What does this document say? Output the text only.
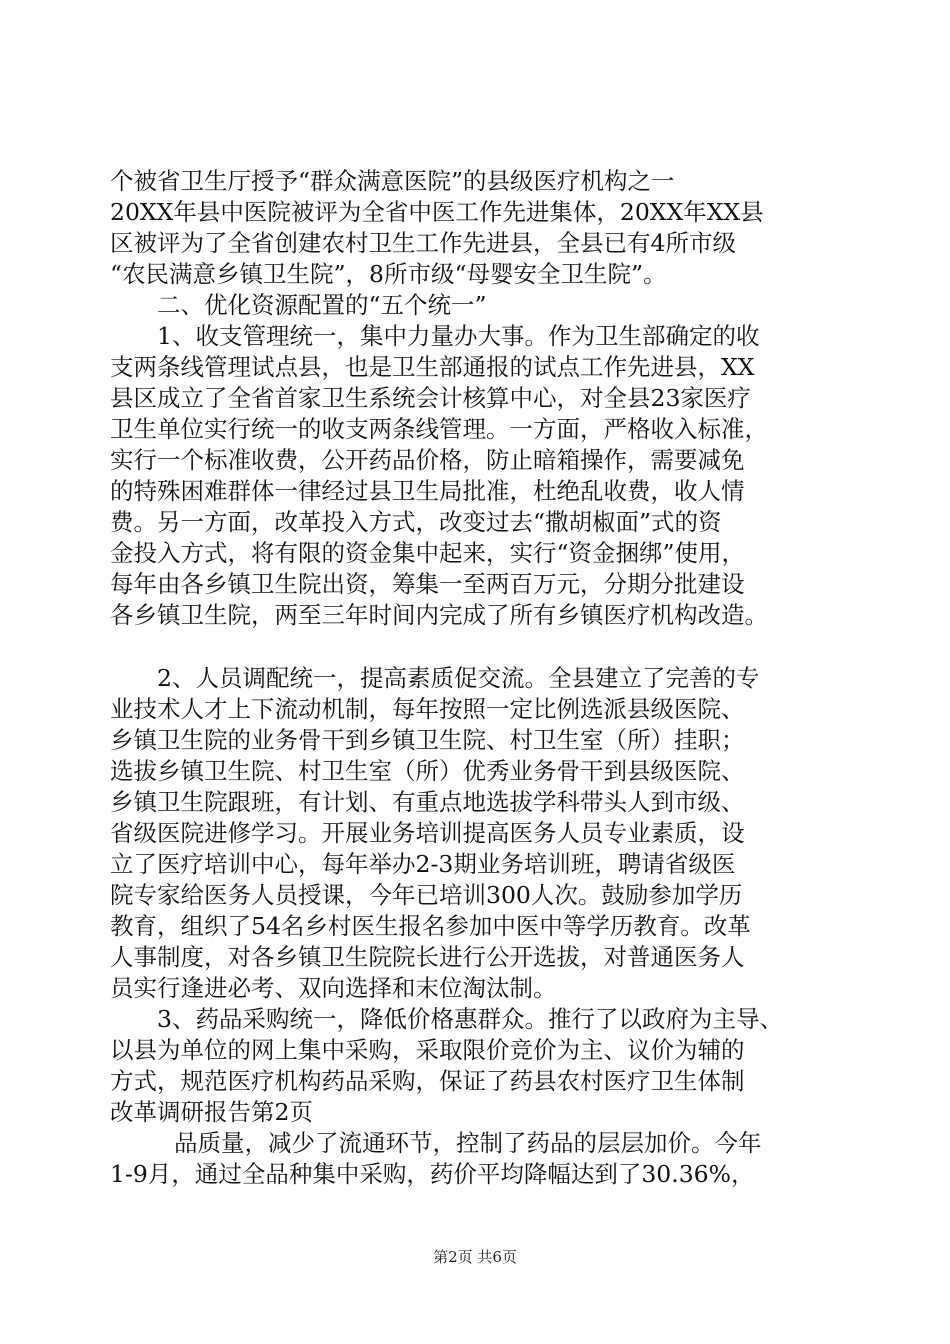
个被省卫生厅授予“群众满意医院”的县级医疗机构之一
20XX年县中医院被评为全省中医工作先进集体，20XX年XX县
区被评为了全省创建农村卫生工作先进县，全县已有4所市级
“农民满意乡镇卫生院”，8所市级“母婴安全卫生院”。
二、优化资源配置的“五个统一”
1、收支管理统一，集中力量办大事。作为卫生部确定的收
支两条线管理试点县，也是卫生部通报的试点工作先进县，XX
县区成立了全省首家卫生系统会计核算中心，对全县23家医疗
卫生单位实行统一的收支两条线管理。一方面，严格收入标准，
实行一个标准收费，公开药品价格，防止暗箱操作，需要减免
的特殊困难群体一律经过县卫生局批准，杜绝乱收费，收人情
费。另一方面，改革投入方式，改变过去“撒胡椒面”式的资
金投入方式，将有限的资金集中起来，实行“资金捆绑”使用，
每年由各乡镇卫生院出资，筹集一至两百万元，分期分批建设
各乡镇卫生院，两至三年时间内完成了所有乡镇医疗机构改造。
2、人员调配统一，提高素质促交流。全县建立了完善的专
业技术人才上下流动机制，每年按照一定比例选派县级医院、
乡镇卫生院的业务骨干到乡镇卫生院、村卫生室（所）挂职；
选拔乡镇卫生院、村卫生室（所）优秀业务骨干到县级医院、
乡镇卫生院跟班，有计划、有重点地选拔学科带头人到市级、
省级医院进修学习。开展业务培训提高医务人员专业素质，设
立了医疗培训中心，每年举办2-3期业务培训班，聘请省级医
院专家给医务人员授课，今年已培训300人次。鼓励参加学历
教育，组织了54名乡村医生报名参加中医中等学历教育。改革
人事制度，对各乡镇卫生院院长进行公开选拔，对普通医务人
员实行逢进必考、双向选择和末位淘汰制。
3、药品采购统一，降低价格惠群众。推行了以政府为主导、
以县为单位的网上集中采购，采取限价竞价为主、议价为辅的
方式，规范医疗机构药品采购，保证了药县农村医疗卫生体制
改革调研报告第2页
品质量，减少了流通环节，控制了药品的层层加价。今年
1-9月，通过全品种集中采购，药价平均降幅达到了30.36%，
第2页 共6页
